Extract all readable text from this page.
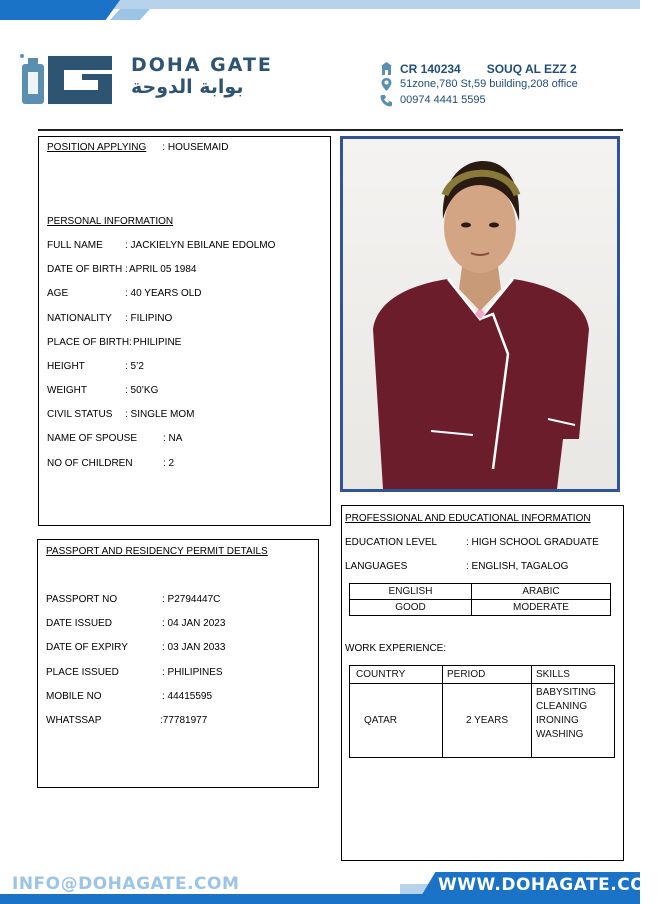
DOHA GATE
بوابة الدوحة
CR 140234 SOUQ AL EZZ 2
51zone,780 St,59 building,208 office
00974 4441 5595
POSITION APPLYING : HOUSEMAID
PERSONAL INFORMATION
FULL NAME : JACKIELYN EBILANE EDOLMO
DATE OF BIRTH : APRIL 05 1984
AGE	: 40 YEARS OLD
NATIONALITY : FILIPINO
PLACE OF BIRTH: PHILIPINE
HEIGHT	: 5’2
WEIGHT	: 50’KG
CIVIL STATUS : SINGLE MOM
NAME OF SPOUSE	: NA
NO OF CHILDREN	: 2
PASSPORT AND RESIDENCY PERMIT DETAILS
PASSPORT NO	: P2794447C
DATE ISSUED	: 04 JAN 2023
DATE OF EXPIRY	: 03 JAN 2033
PLACE ISSUED	: PHILIPINES
MOBILE NO	: 44415595
WHATSSAP	:77781977
PROFESSIONAL AND EDUCATIONAL INFORMATION
EDUCATION LEVEL	: HIGH SCHOOL GRADUATE
LANGUAGES	: ENGLISH, TAGALOG
ENGLISH	ARABIC
GOOD	MODERATE
WORK EXPERIENCE:
COUNTRY	PERIOD	SKILLS
QATAR	2 YEARS	BABYSITING
CLEANING
IRONING
WASHING
INFO@DOHAGATE.COM	WWW.DOHAGATE.COM
